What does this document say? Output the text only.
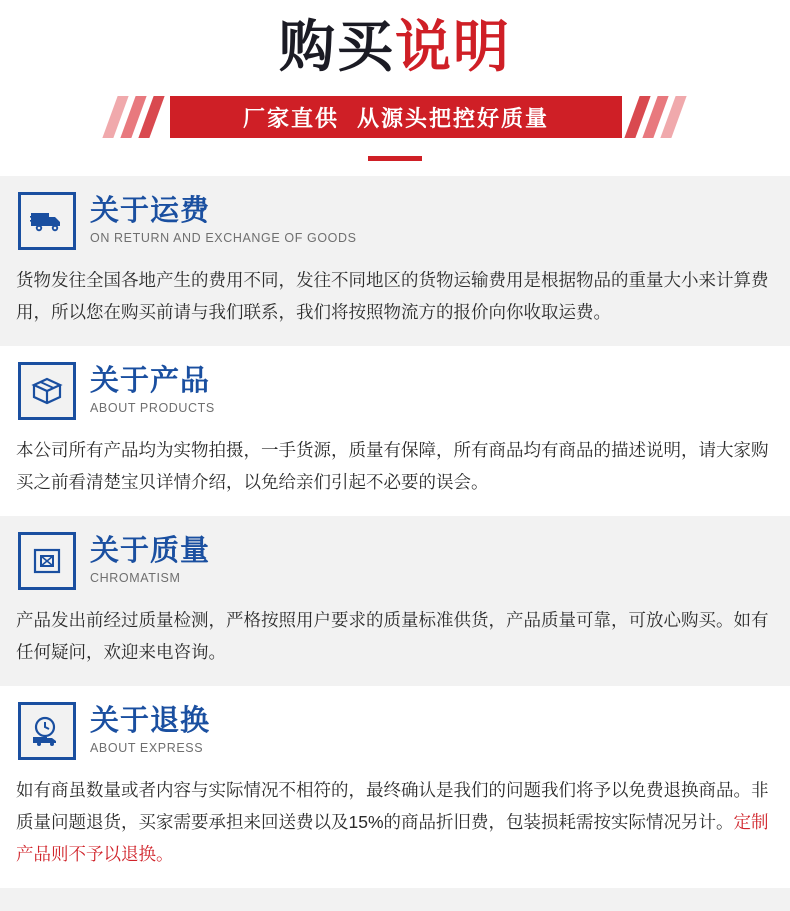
购买说明
厂家直供 从源头把控好质量
关于运费
ON RETURN AND EXCHANGE OF GOODS
货物发往全国各地产生的费用不同，发往不同地区的货物运输费用是根据物品的重量大小来计算费用，所以您在购买前请与我们联系，我们将按照物流方的报价向你收取运费。
关于产品
ABOUT PRODUCTS
本公司所有产品均为实物拍摄，一手货源，质量有保障，所有商品均有商品的描述说明，请大家购买之前看清楚宝贝详情介绍，以免给亲们引起不必要的误会。
关于质量
CHROMATISM
产品发出前经过质量检测，严格按照用户要求的质量标准供货，产品质量可靠，可放心购买。如有任何疑问，欢迎来电咨询。
关于退换
ABOUT EXPRESS
如有商虽数量或者内容与实际情况不相符的，最终确认是我们的问题我们将予以免费退换商品。非质量问题退货，买家需要承担来回送费以及15%的商品折旧费，包装损耗需按实际情况另计。定制产品则不予以退换。
